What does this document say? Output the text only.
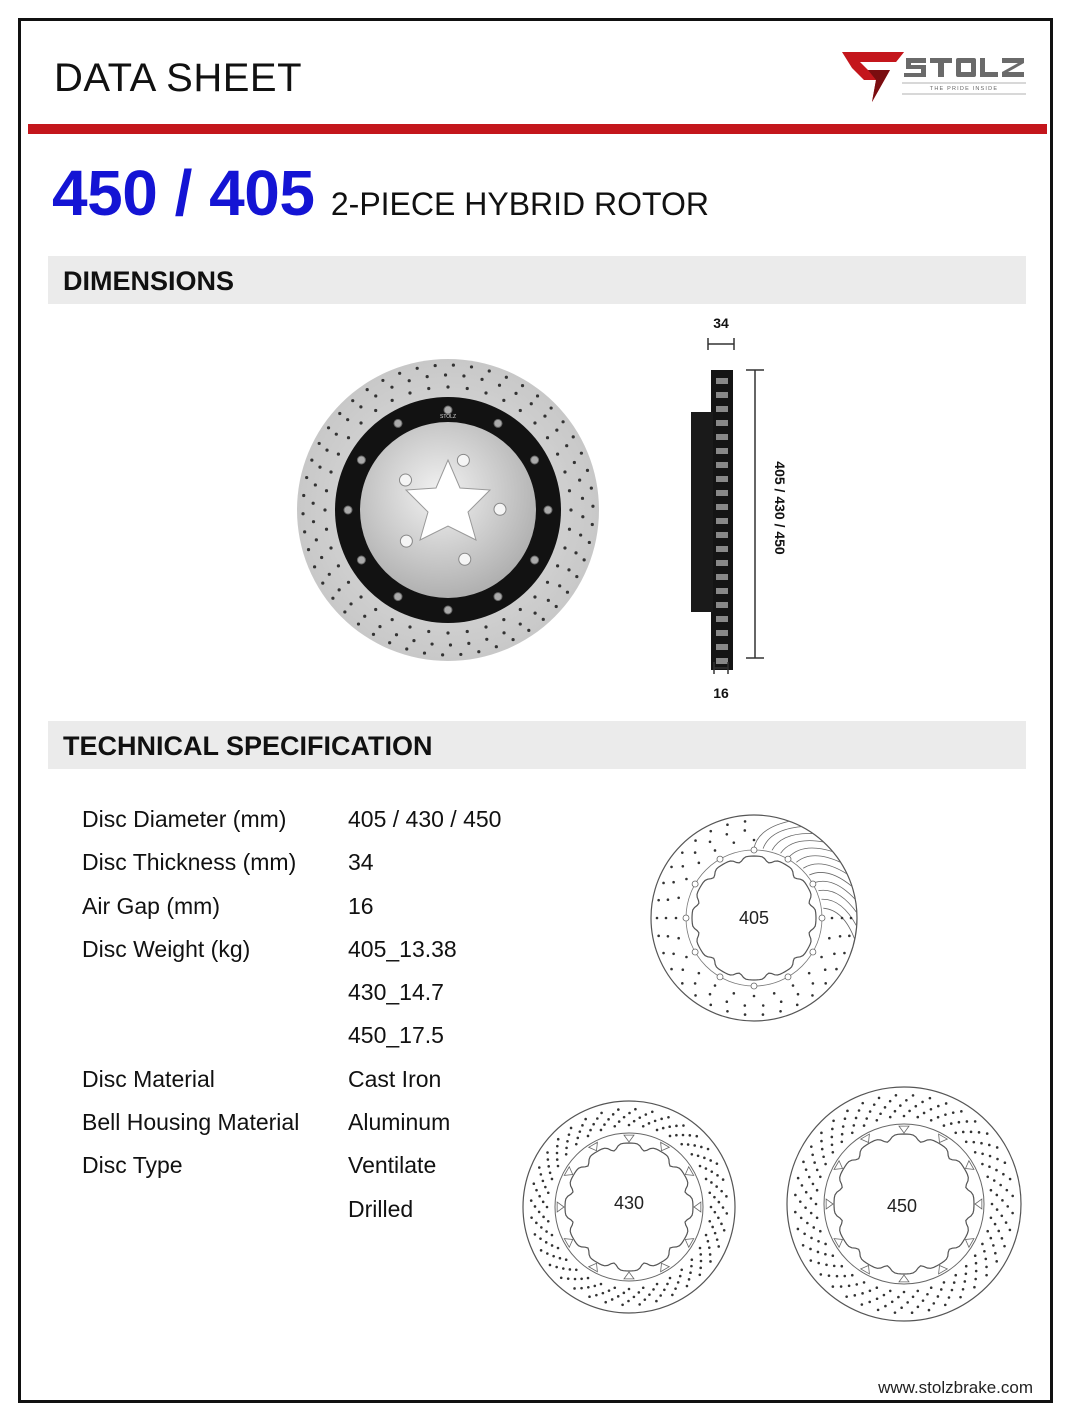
DATA SHEET	THE PRIDE INSIDE
450 / 405 2-PIECE HYBRID ROTOR
DIMENSIONS
STOLZ
34
405 / 430 / 450
16
TECHNICAL SPECIFICATION
Disc Diameter (mm)	405 / 430 / 450
Disc Thickness (mm) 34
Air Gap (mm)	16
Disc Weight (kg)	405_13.38
430_14.7
450_17.5
Disc Material	Cast Iron
Bell Housing Material Aluminum
Disc Type	Ventilate
Drilled
405
430	450
www.stolzbrake.com
